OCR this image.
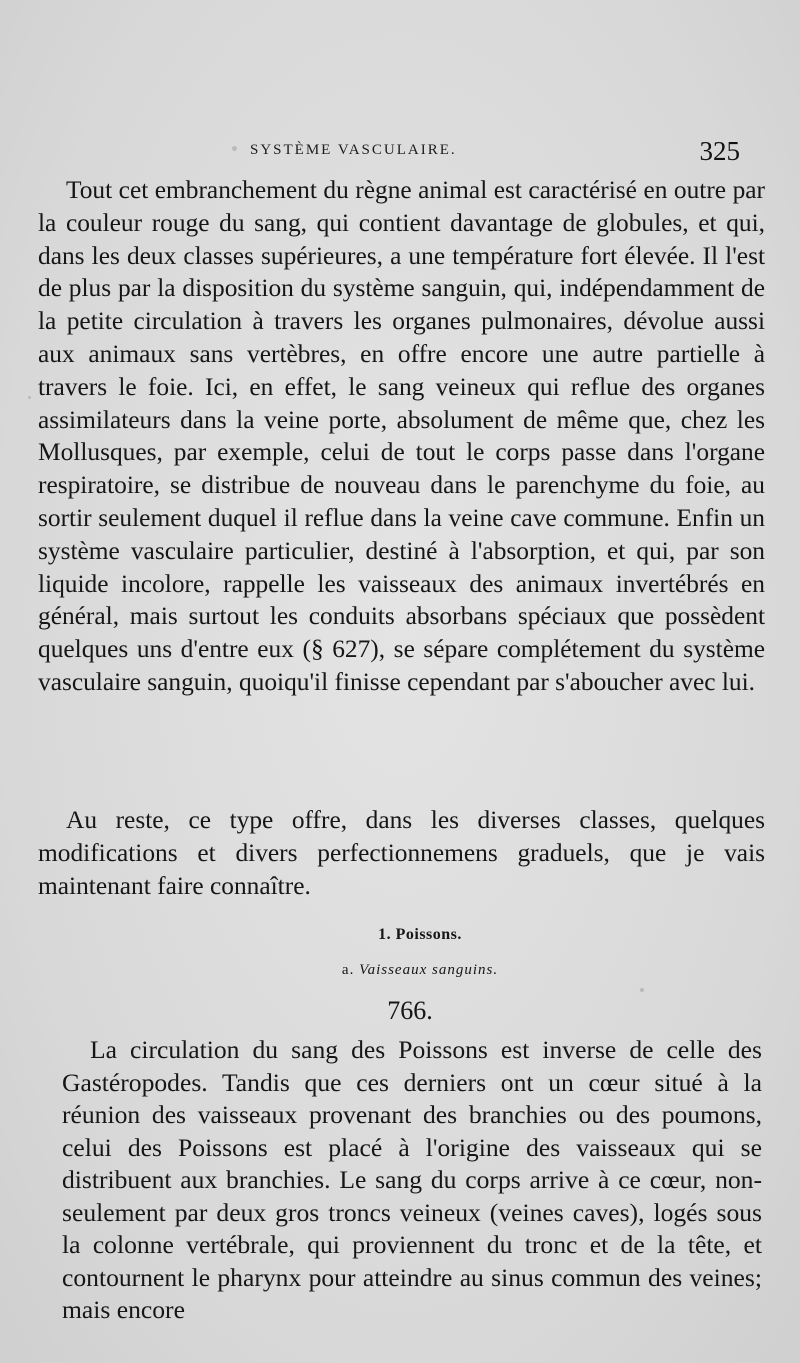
SYSTÈME VASCULAIRE.	325

Tout cet embranchement du règne animal est caractérisé en outre par la couleur rouge du sang, qui contient davantage de globules, et qui, dans les deux classes supérieures, a une température fort élevée. Il l'est de plus par la disposition du système sanguin, qui, indépendamment de la petite circulation à travers les organes pulmonaires, dévolue aussi aux animaux sans vertèbres, en offre encore une autre partielle à travers le foie. Ici, en effet, le sang veineux qui reflue des organes assimilateurs dans la veine porte, absolument de même que, chez les Mollusques, par exemple, celui de tout le corps passe dans l'organe respiratoire, se distribue de nouveau dans le parenchyme du foie, au sortir seulement duquel il reflue dans la veine cave commune. Enfin un système vasculaire particulier, destiné à l'absorption, et qui, par son liquide incolore, rappelle les vaisseaux des animaux invertébrés en général, mais surtout les conduits absorbans spéciaux que possèdent quelques uns d'entre eux (§ 627), se sépare complétement du système vasculaire sanguin, quoiqu'il finisse cependant par s'aboucher avec lui.

Au reste, ce type offre, dans les diverses classes, quelques modifications et divers perfectionnemens graduels, que je vais maintenant faire connaître.

1. Poissons.
a. Vaisseaux sanguins.
766.

La circulation du sang des Poissons est inverse de celle des Gastéropodes. Tandis que ces derniers ont un cœur situé à la réunion des vaisseaux provenant des branchies ou des poumons, celui des Poissons est placé à l'origine des vaisseaux qui se distribuent aux branchies. Le sang du corps arrive à ce cœur, non-seulement par deux gros troncs veineux (veines caves), logés sous la colonne vertébrale, qui proviennent du tronc et de la tête, et contournent le pharynx pour atteindre au sinus commun des veines; mais encore
